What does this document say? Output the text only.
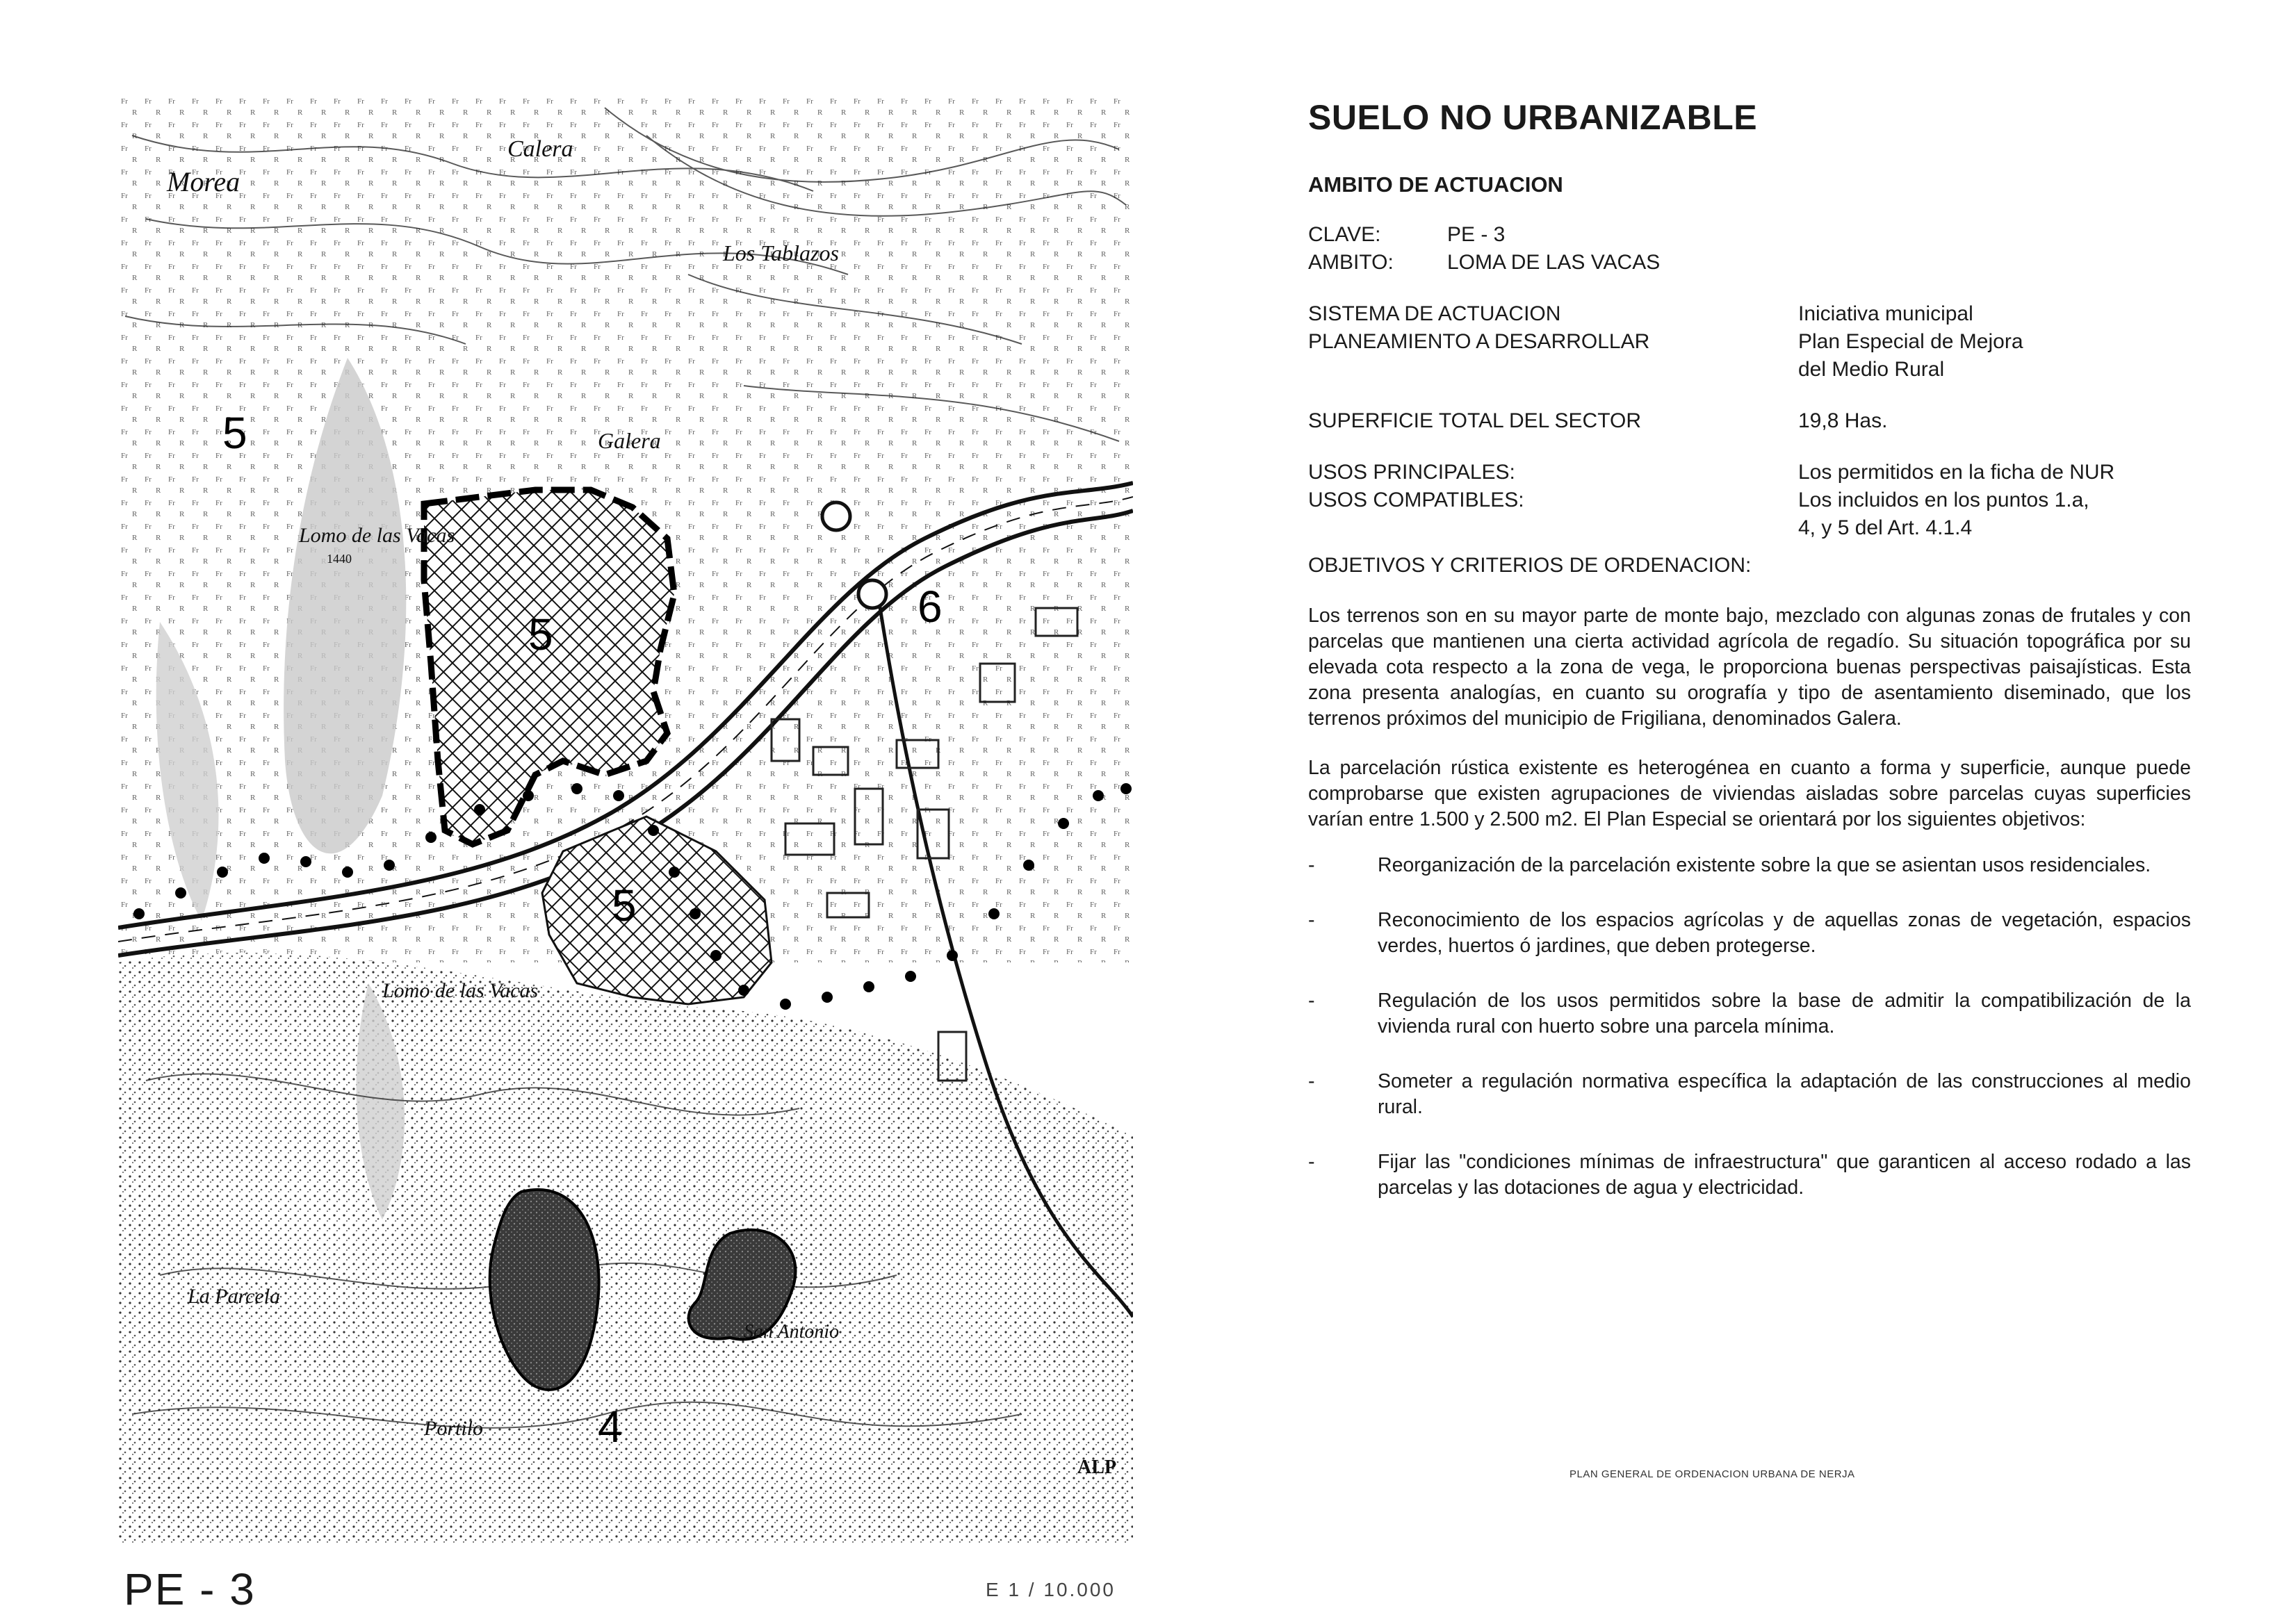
Morea
Calera
Los Tablazos
Galera
Lomo de las Vacas
Lomo de las Vacas
1440
La Parcela
Portilo
San Antonio
ALP
5
5
5
6
4
PE - 3	E 1 / 10.000
SUELO NO URBANIZABLE
AMBITO DE ACTUACION
CLAVE:	PE - 3
AMBITO:	LOMA DE LAS VACAS
SISTEMA DE ACTUACION	Iniciativa municipal
PLANEAMIENTO A DESARROLLAR	Plan Especial de Mejora
del Medio Rural
SUPERFICIE TOTAL DEL SECTOR	19,8 Has.
USOS PRINCIPALES:	Los permitidos en la ficha de NUR
USOS COMPATIBLES:	Los incluidos en los puntos 1.a,
4, y 5 del Art. 4.1.4
OBJETIVOS Y CRITERIOS DE ORDENACION:

Los terrenos son en su mayor parte de monte bajo, mezclado con algunas zonas de frutales y con parcelas que mantienen una cierta actividad agrícola de regadío. Su situación topográfica por su elevada cota respecto a la zona de vega, le proporciona buenas perspectivas paisajísticas. Esta zona presenta analogías, en cuanto su orografía y tipo de asentamiento diseminado, que los terrenos próximos del municipio de Frigiliana, denominados Galera.

La parcelación rústica existente es heterogénea en cuanto a forma y superficie, aunque puede comprobarse que existen agrupaciones de viviendas aisladas sobre parcelas cuyas superficies varían entre 1.500 y 2.500 m2. El Plan Especial se orientará por los siguientes objetivos:

-	Reorganización de la parcelación existente sobre la que se asientan usos residenciales.
-	Reconocimiento de los espacios agrícolas y de aquellas zonas de vegetación, espacios verdes, huertos ó jardines, que deben protegerse.
-	Regulación de los usos permitidos sobre la base de admitir la compatibilización de la vivienda rural con huerto sobre una parcela mínima.
-	Someter a regulación normativa específica la adaptación de las construcciones al medio rural.
-	Fijar las "condiciones mínimas de infraestructura" que garanticen al acceso rodado a las parcelas y las dotaciones de agua y electricidad.
PLAN GENERAL DE ORDENACION URBANA DE NERJA
